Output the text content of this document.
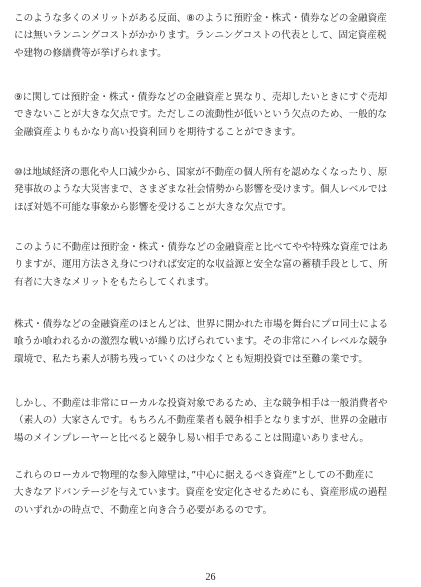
このような多くのメリットがある反面、⑧のように預貯金・株式・債券などの金融資産
には無いランニングコストがかかります。ランニングコストの代表として、固定資産税
や建物の修繕費等が挙げられます。
⑨に関しては預貯金・株式・債券などの金融資産と異なり、売却したいときにすぐ売却
できないことが大きな欠点です。ただしこの流動性が低いという欠点のため、一般的な
金融資産よりもかなり高い投資利回りを期待することができます。
⑩は地域経済の悪化や人口減少から、国家が不動産の個人所有を認めなくなったり、原
発事故のような大災害まで、さまざまな社会情勢から影響を受けます。個人レベルでは
ほぼ対処不可能な事象から影響を受けることが大きな欠点です。
このように不動産は預貯金・株式・債券などの金融資産と比べてやや特殊な資産ではあ
りますが、運用方法さえ身につければ安定的な収益源と安全な富の蓄積手段として、所
有者に大きなメリットをもたらしてくれます。
株式・債券などの金融資産のほとんどは、世界に開かれた市場を舞台にプロ同士による
喰うか喰われるかの激烈な戦いが繰り広げられています。その非常にハイレベルな競争
環境で、私たち素人が勝ち残っていくのは少なくとも短期投資では至難の業です。
しかし、不動産は非常にローカルな投資対象であるため、主な競争相手は一般消費者や
（素人の）大家さんです。もちろん不動産業者も競争相手となりますが、世界の金融市
場のメインプレーヤーと比べると競争し易い相手であることは間違いありません。
これらのローカルで物理的な参入障壁は，”中心に据えるべき資産”としての不動産に
大きなアドバンテージを与えています。資産を安定化させるためにも、資産形成の過程
のいずれかの時点で、不動産と向き合う必要があるのです。
26
